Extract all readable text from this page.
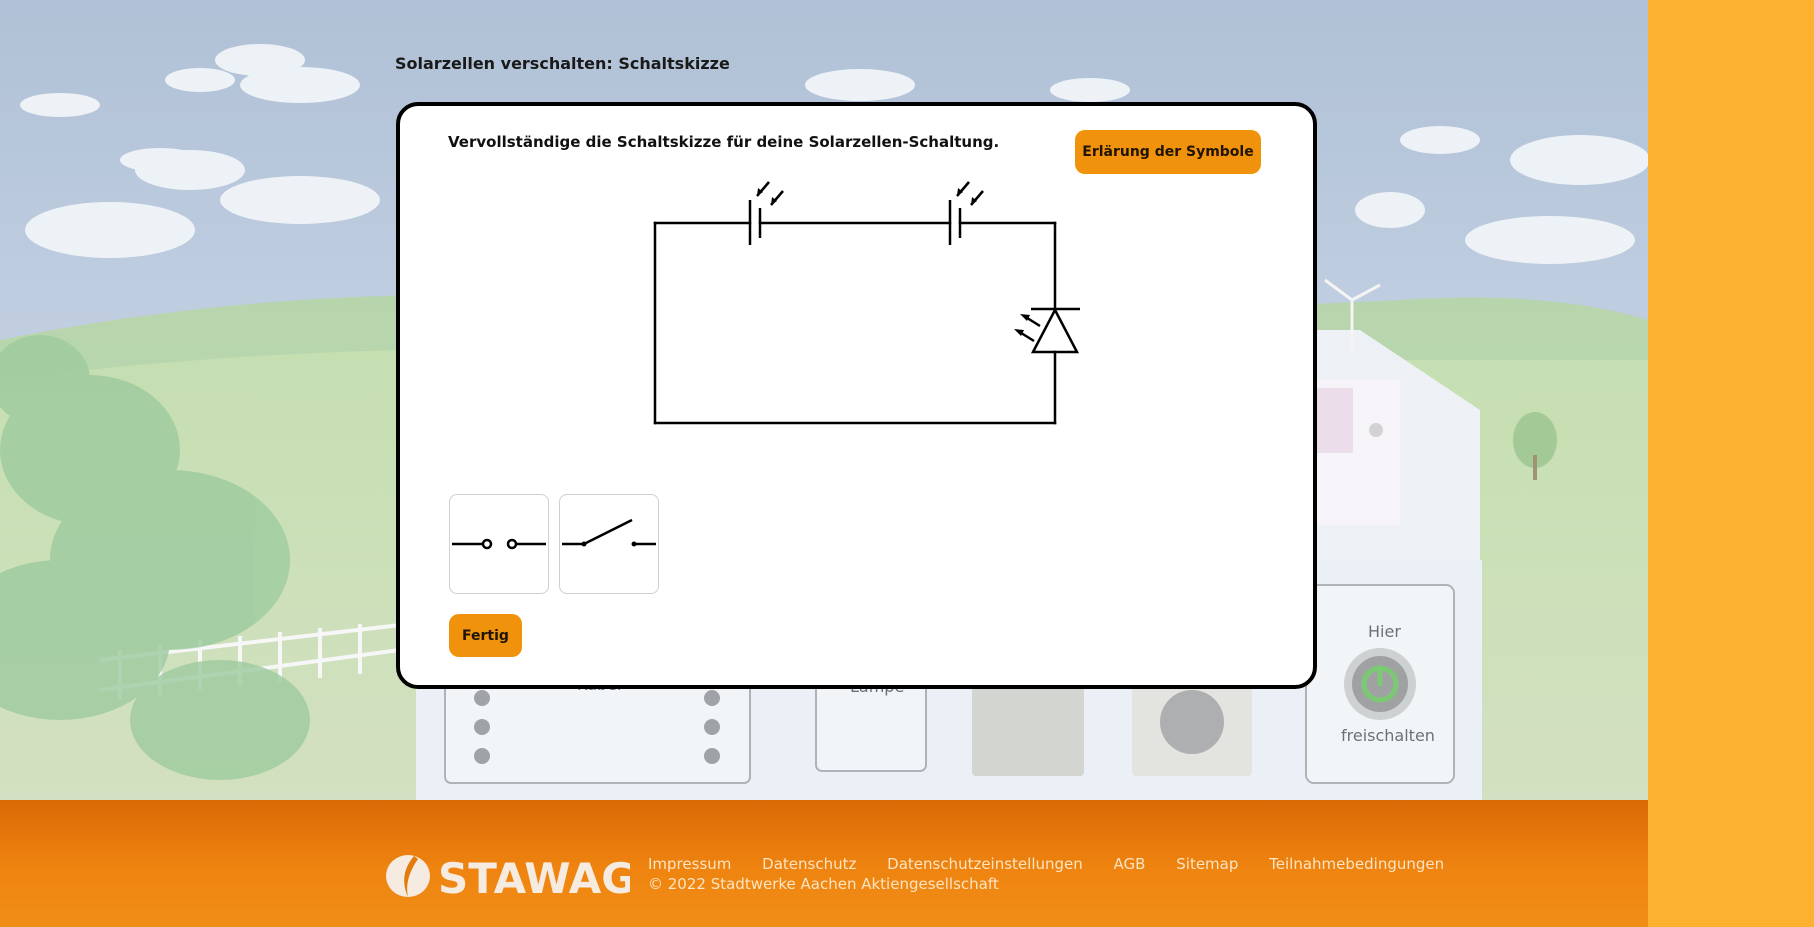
Hier
freischalten
Solarzellen verschalten: Schaltskizze
Vervollständige die Schaltskizze für deine Solarzellen-Schaltung.
Erlärung der Symbole
Fertig
STAWAG Impressum Datenschutz Datenschutzeinstellungen AGB Sitemap Teilnahmebedingungen
© 2022 Stadtwerke Aachen Aktiengesellschaft
